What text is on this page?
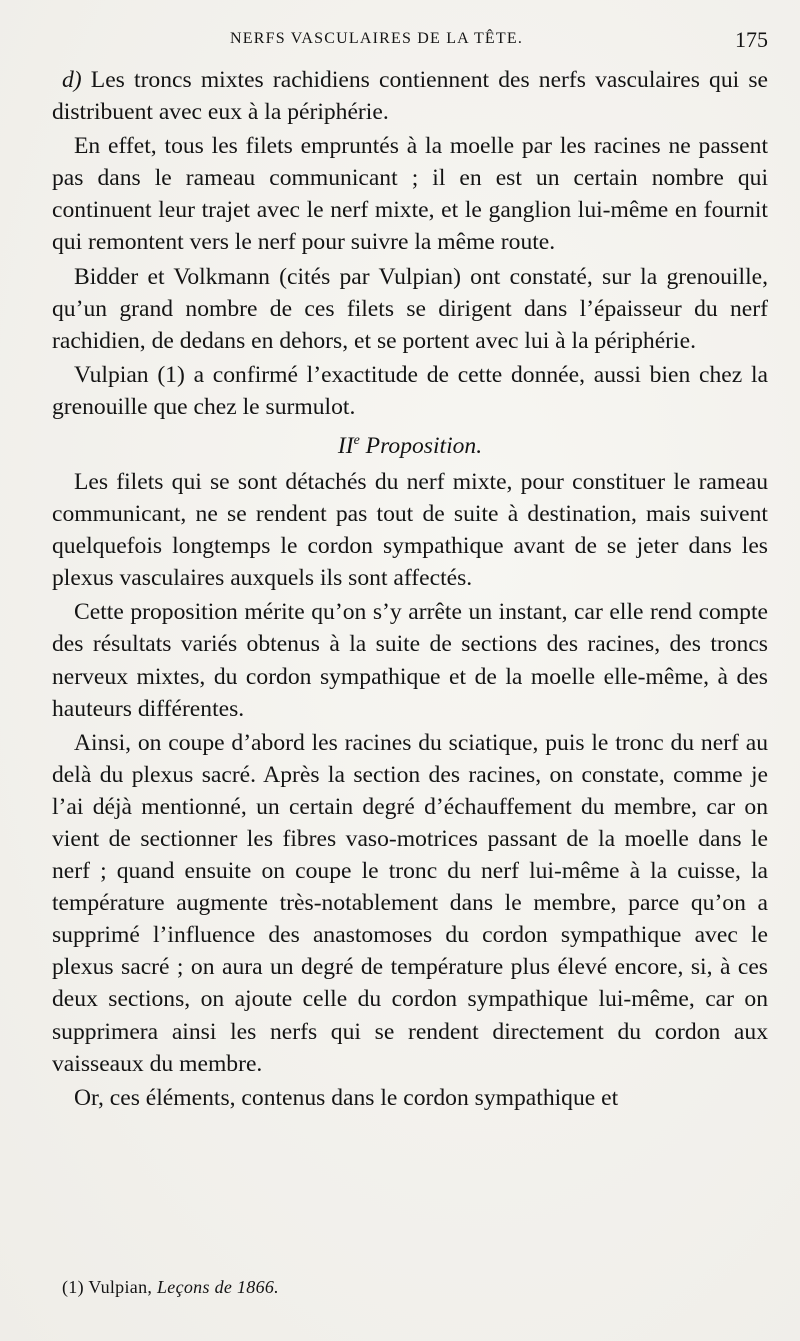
NERFS VASCULAIRES DE LA TÊTE.	175

d) Les troncs mixtes rachidiens contiennent des nerfs vasculaires qui se distribuent avec eux à la périphérie.

En effet, tous les filets empruntés à la moelle par les racines ne passent pas dans le rameau communicant ; il en est un certain nombre qui continuent leur trajet avec le nerf mixte, et le ganglion lui-même en fournit qui remontent vers le nerf pour suivre la même route.

Bidder et Volkmann (cités par Vulpian) ont constaté, sur la grenouille, qu’un grand nombre de ces filets se dirigent dans l’épaisseur du nerf rachidien, de dedans en dehors, et se portent avec lui à la périphérie.

Vulpian (1) a confirmé l’exactitude de cette donnée, aussi bien chez la grenouille que chez le surmulot.

IIe Proposition.

Les filets qui se sont détachés du nerf mixte, pour constituer le rameau communicant, ne se rendent pas tout de suite à destination, mais suivent quelquefois longtemps le cordon sympathique avant de se jeter dans les plexus vasculaires auxquels ils sont affectés.

Cette proposition mérite qu’on s’y arrête un instant, car elle rend compte des résultats variés obtenus à la suite de sections des racines, des troncs nerveux mixtes, du cordon sympathique et de la moelle elle-même, à des hauteurs différentes.

Ainsi, on coupe d’abord les racines du sciatique, puis le tronc du nerf au delà du plexus sacré. Après la section des racines, on constate, comme je l’ai déjà mentionné, un certain degré d’échauffement du membre, car on vient de sectionner les fibres vaso-motrices passant de la moelle dans le nerf ; quand ensuite on coupe le tronc du nerf lui-même à la cuisse, la température augmente très-notablement dans le membre, parce qu’on a supprimé l’influence des anastomoses du cordon sympathique avec le plexus sacré ; on aura un degré de température plus élevé encore, si, à ces deux sections, on ajoute celle du cordon sympathique lui-même, car on supprimera ainsi les nerfs qui se rendent directement du cordon aux vaisseaux du membre.

Or, ces éléments, contenus dans le cordon sympathique et

(1) Vulpian, Leçons de 1866.
